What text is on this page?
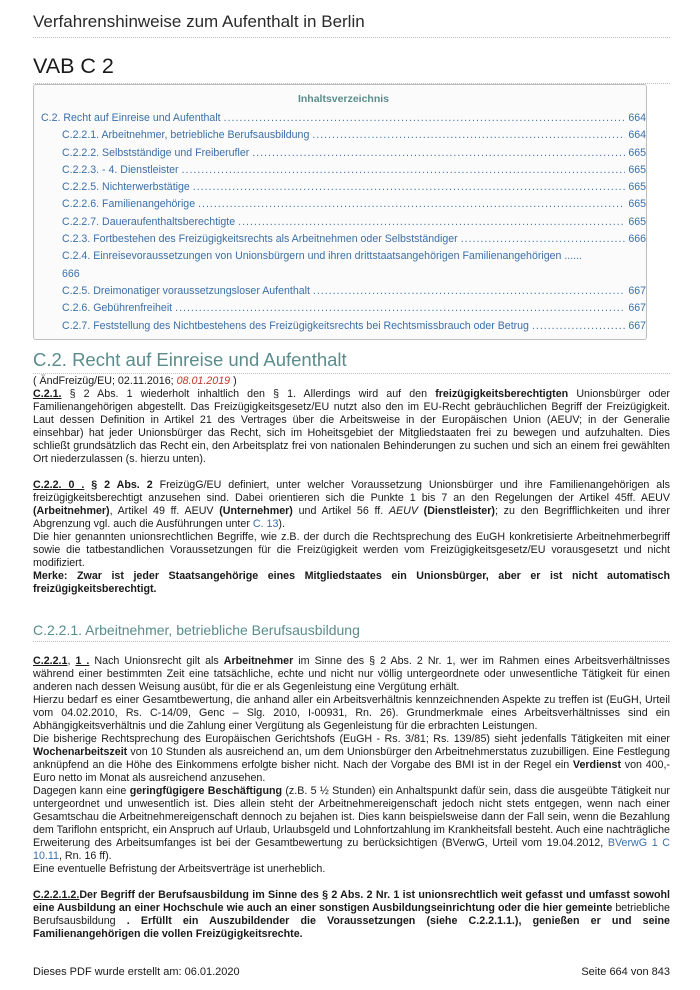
Verfahrenshinweise zum Aufenthalt in Berlin
VAB C 2
Inhaltsverzeichnis
C.2. Recht auf Einreise und Aufenthalt .....	664
C.2.2.1. Arbeitnehmer, betriebliche Berufsausbildung .....	664
C.2.2.2. Selbstständige und Freiberufler .....	665
C.2.2.3. - 4. Dienstleister .....	665
C.2.2.5. Nichterwerbstätige .....	665
C.2.2.6. Familienangehörige .....	665
C.2.2.7. Daueraufenthaltsberechtigte .....	665
C.2.3. Fortbestehen des Freizügigkeitsrechts als Arbeitnehmen oder Selbstständiger .....	666
C.2.4. Einreisevoraussetzungen von Unionsbürgern und ihren drittstaatsangehörigen Familienangehörigen ......
666
C.2.5. Dreimonatiger voraussetzungsloser Aufenthalt .....	667
C.2.6. Gebührenfreiheit .....	667
C.2.7. Feststellung des Nichtbestehens des Freizügigkeitsrechts bei Rechtsmissbrauch oder Betrug .....	667
C.2. Recht auf Einreise und Aufenthalt

( ÄndFreizüg/EU; 02.11.2016; 08.01.2019 )

C.2.1. § 2 Abs. 1 wiederholt inhaltlich den § 1. Allerdings wird auf den freizügigkeitsberechtigten Unionsbürger oder Familienangehörigen abgestellt. Das Freizügigkeitsgesetz/EU nutzt also den im EU-Recht gebräuchlichen Begriff der Freizügigkeit. Laut dessen Definition in Artikel 21 des Vertrages über die Arbeitsweise in der Europäischen Union (AEUV; in der Generalie einsehbar) hat jeder Unionsbürger das Recht, sich im Hoheitsgebiet der Mitgliedstaaten frei zu bewegen und aufzuhalten. Dies schließt grundsätzlich das Recht ein, den Arbeitsplatz frei von nationalen Behinderungen zu suchen und sich an einem frei gewählten Ort niederzulassen (s. hierzu unten).

C.2.2. 0 . § 2 Abs. 2 FreizügG/EU definiert, unter welcher Voraussetzung Unionsbürger und ihre Familienangehörigen als freizügigkeitsberechtigt anzusehen sind. Dabei orientieren sich die Punkte 1 bis 7 an den Regelungen der Artikel 45ff. AEUV (Arbeitnehmer), Artikel 49 ff. AEUV (Unternehmer) und Artikel 56 ff. AEUV (Dienstleister); zu den Begrifflichkeiten und ihrer Abgrenzung vgl. auch die Ausführungen unter C. 13).

Die hier genannten unionsrechtlichen Begriffe, wie z.B. der durch die Rechtsprechung des EuGH konkretisierte Arbeitnehmerbegriff sowie die tatbestandlichen Voraussetzungen für die Freizügigkeit werden vom Freizügigkeitsgesetz/EU vorausgesetzt und nicht modifiziert.

Merke: Zwar ist jeder Staatsangehörige eines Mitgliedstaates ein Unionsbürger, aber er ist nicht automatisch freizügigkeitsberechtigt.

C.2.2.1. Arbeitnehmer, betriebliche Berufsausbildung

C.2.2.1, 1 . Nach Unionsrecht gilt als Arbeitnehmer im Sinne des § 2 Abs. 2 Nr. 1, wer im Rahmen eines Arbeitsverhältnisses während einer bestimmten Zeit eine tatsächliche, echte und nicht nur völlig untergeordnete oder unwesentliche Tätigkeit für einen anderen nach dessen Weisung ausübt, für die er als Gegenleistung eine Vergütung erhält.

Hierzu bedarf es einer Gesamtbewertung, die anhand aller ein Arbeitsverhältnis kennzeichnenden Aspekte zu treffen ist (EuGH, Urteil vom 04.02.2010, Rs. C-14/09, Genc – Slg. 2010, I-00931, Rn. 26). Grundmerkmale eines Arbeitsverhältnisses sind ein Abhängigkeitsverhältnis und die Zahlung einer Vergütung als Gegenleistung für die erbrachten Leistungen.

Die bisherige Rechtsprechung des Europäischen Gerichtshofs (EuGH - Rs. 3/81; Rs. 139/85) sieht jedenfalls Tätigkeiten mit einer Wochenarbeitszeit von 10 Stunden als ausreichend an, um dem Unionsbürger den Arbeitnehmerstatus zuzubilligen. Eine Festlegung anknüpfend an die Höhe des Einkommens erfolgte bisher nicht. Nach der Vorgabe des BMI ist in der Regel ein Verdienst von 400,- Euro netto im Monat als ausreichend anzusehen.

Dagegen kann eine geringfügigere Beschäftigung (z.B. 5 ½ Stunden) ein Anhaltspunkt dafür sein, dass die ausgeübte Tätigkeit nur untergeordnet und unwesentlich ist. Dies allein steht der Arbeitnehmereigenschaft jedoch nicht stets entgegen, wenn nach einer Gesamtschau die Arbeitnehmereigenschaft dennoch zu bejahen ist. Dies kann beispielsweise dann der Fall sein, wenn die Bezahlung dem Tariflohn entspricht, ein Anspruch auf Urlaub, Urlaubsgeld und Lohnfortzahlung im Krankheitsfall besteht. Auch eine nachträgliche Erweiterung des Arbeitsumfanges ist bei der Gesamtbewertung zu berücksichtigen (BVerwG, Urteil vom 19.04.2012, BVerwG 1 C 10.11, Rn. 16 ff).

Eine eventuelle Befristung der Arbeitsverträge ist unerheblich.

C.2.2.1.2.Der Begriff der Berufsausbildung im Sinne des § 2 Abs. 2 Nr. 1 ist unionsrechtlich weit gefasst und umfasst sowohl eine Ausbildung an einer Hochschule wie auch an einer sonstigen Ausbildungseinrichtung oder die hier gemeinte betriebliche Berufsausbildung . Erfüllt ein Auszubildender die Voraussetzungen (siehe C.2.2.1.1.), genießen er und seine Familienangehörigen die vollen Freizügigkeitsrechte.

Dieses PDF wurde erstellt am: 06.01.2020	Seite 664 von 843
